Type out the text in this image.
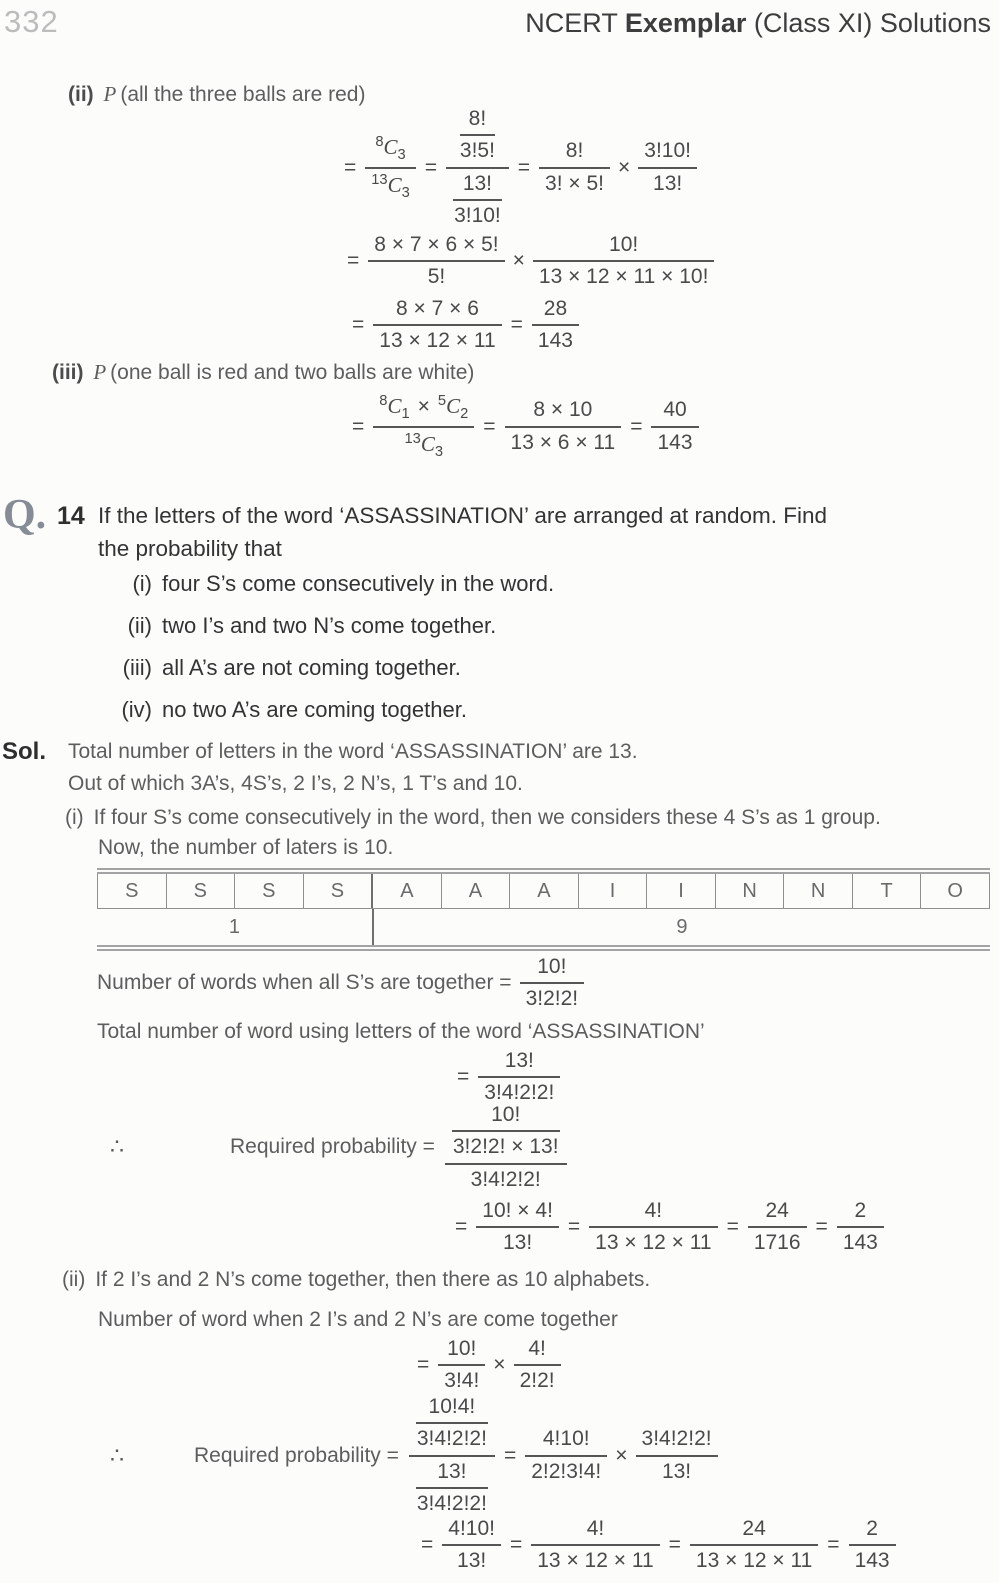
332	NCERT Exemplar (Class XI) Solutions
(ii) P (all the three balls are red)
= $\frac{^8C_3}{^{13}C_3}$ =
8!
3!5!
13!
3!10!
= $\frac{8!}{3! \times 5!} \times \frac{3!10!}{13!}$
= $\frac{8 \times 7 \times 6 \times 5!}{5!} \times \frac{10!}{13 \times 12 \times 11 \times 10!}$
= $\frac{8 \times 7 \times 6}{13 \times 12 \times 11} = \frac{28}{143}$
(iii) P (one ball is red and two balls are white)
= $\frac{^8C_1 \times ^5C_2}{^{13}C_3} = \frac{8 \times 10}{13 \times 6 \times 11} = \frac{40}{143}$
Q. 14 If the letters of the word ‘ASSASSINATION’ are arranged at random. Find
the probability that
(i) four S’s come consecutively in the word.
(ii) two I’s and two N’s come together.
(iii) all A’s are not coming together.
(iv) no two A’s are coming together.
Sol. Total number of letters in the word ‘ASSASSINATION’ are 13.
Out of which 3A’s, 4S’s, 2 I’s, 2 N’s, 1 T’s and 10.
(i) If four S’s come consecutively in the word, then we considers these 4 S’s as 1 group.
Now, the number of laters is 10.
S	S	S	S	A	A	A	I	I	N	N	T	O
1	9
Number of words when all S’s are together = $\frac{10!}{3!2!2!}$
Total number of word using letters of the word ‘ASSASSINATION’
= $\frac{13!}{3!4!2!2!}$
∴	Required probability =
10!
3!2!2! × 13!
3!4!2!2!
= $\frac{10! \times 4!}{13!} = \frac{4!}{13 \times 12 \times 11} = \frac{24}{1716} = \frac{2}{143}$
(ii) If 2 I’s and 2 N’s come together, then there as 10 alphabets.
Number of word when 2 I’s and 2 N’s are come together
= $\frac{10!}{3!4!} \times \frac{4!}{2!2!}$
∴	Required probability =
10!4!
3!4!2!2!
13!
3!4!2!2!
= $\frac{4!10!}{2!2!3!4!} \times \frac{3!4!2!2!}{13!}$
= $\frac{4!10!}{13!} = \frac{4!}{13 \times 12 \times 11} = \frac{24}{13 \times 12 \times 11} = \frac{2}{143}$
